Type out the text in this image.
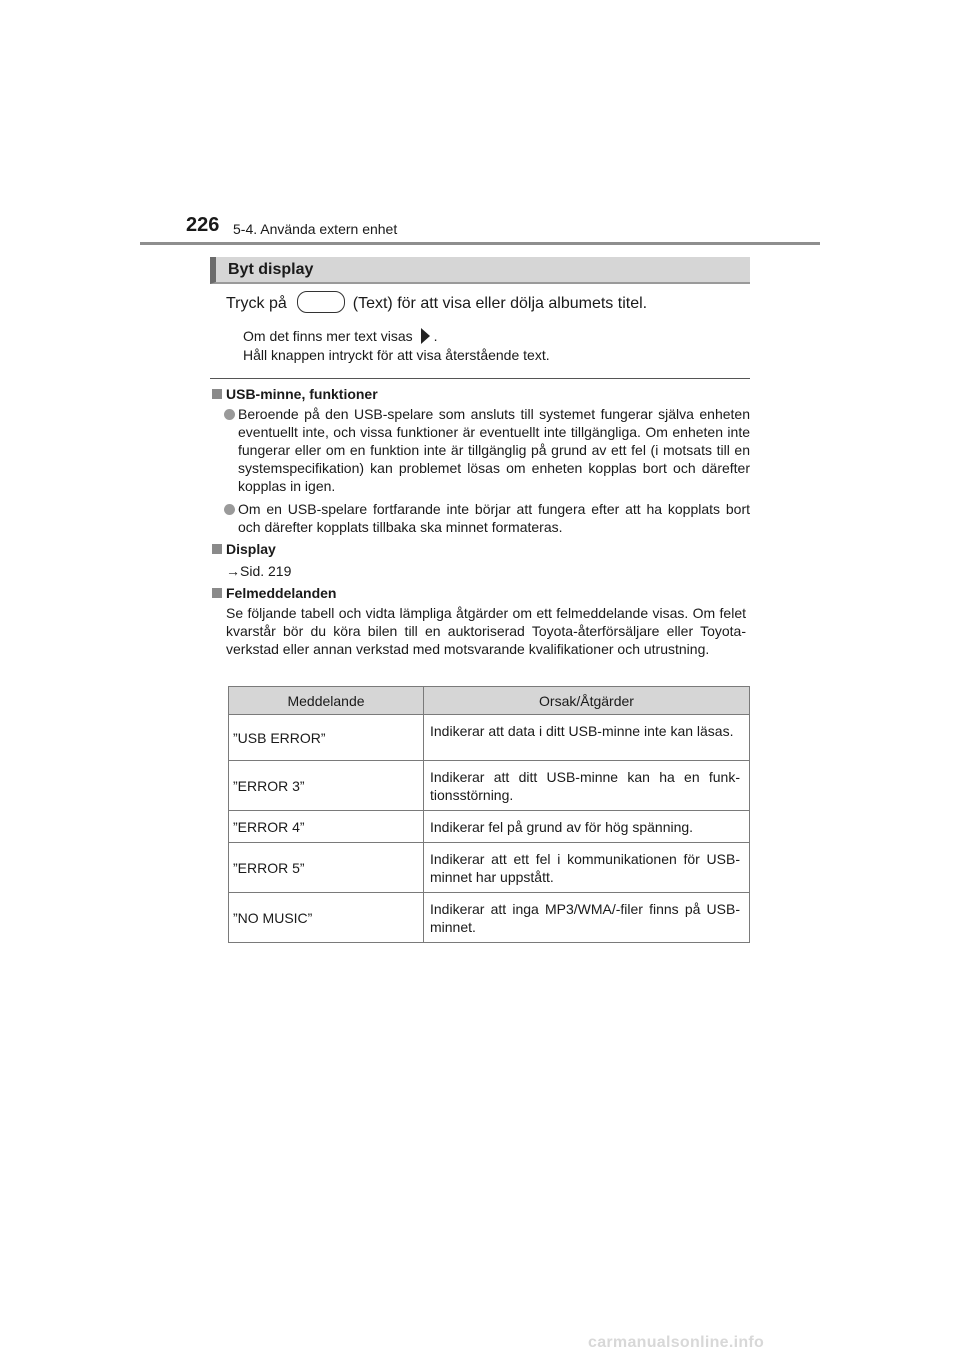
226 5-4. Använda extern enhet
Byt display
Tryck på	(Text) för att visa eller dölja albumets titel.
Om det finns mer text visas .
Håll knappen intryckt för att visa återstående text.
USB-minne, funktioner
Beroende på den USB-spelare som ansluts till systemet fungerar själva enheten eventuellt inte, och vissa funktioner är eventuellt inte tillgängliga. Om enheten inte fungerar eller om en funktion inte är tillgänglig på grund av ett fel (i motsats till en systemspecifikation) kan problemet lösas om enheten kopplas bort och därefter kopplas in igen.
Om en USB-spelare fortfarande inte börjar att fungera efter att ha kopplats bort och därefter kopplats tillbaka ska minnet formateras.
Display
→Sid. 219
Felmeddelanden
Se följande tabell och vidta lämpliga åtgärder om ett felmeddelande visas. Om felet kvarstår bör du köra bilen till en auktoriserad Toyota-återförsäljare eller Toyota-verkstad eller annan verkstad med motsvarande kvalifikationer och utrustning.
Meddelande	Orsak/Åtgärder
”USB ERROR”	Indikerar att data i ditt USB-minne inte kan läsas.
”ERROR 3”	Indikerar att ditt USB-minne kan ha en funk- tionsstörning.
”ERROR 4”	Indikerar fel på grund av för hög spänning.
”ERROR 5”	Indikerar att ett fel i kommunikationen för USB-minnet har uppstått.
”NO MUSIC”	Indikerar att inga MP3/WMA/-filer finns på USB-minnet.
carmanualsonline.info
